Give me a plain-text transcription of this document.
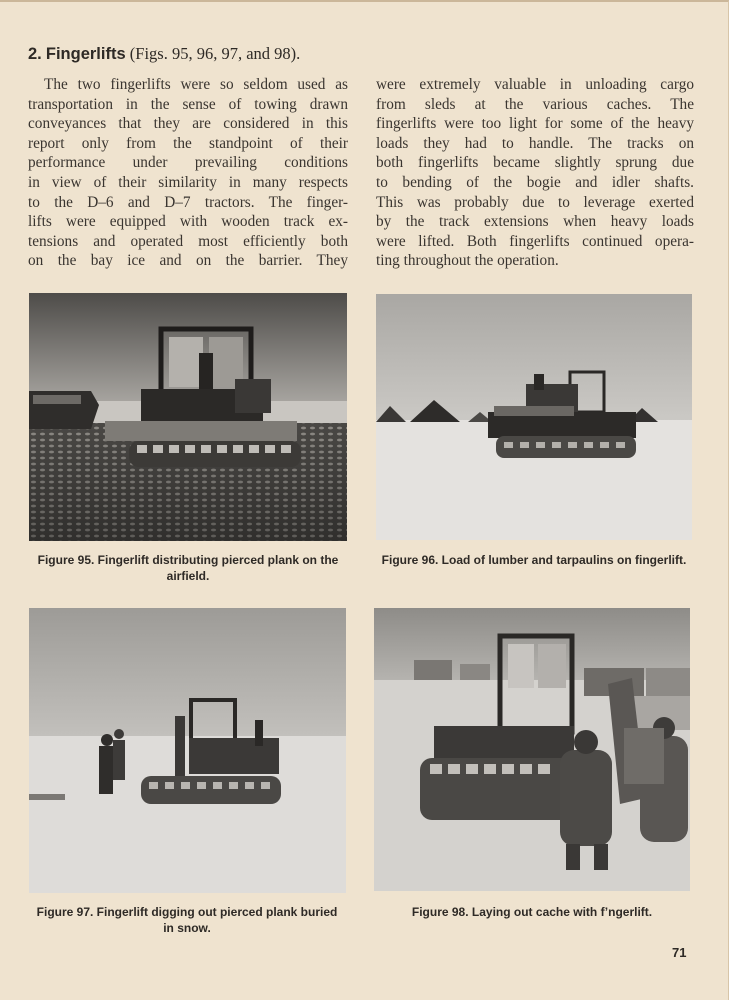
2. Fingerlifts (Figs. 95, 96, 97, and 98).
The two fingerlifts were so seldom used as
transportation in the sense of towing drawn
conveyances that they are considered in this
report only from the standpoint of their
performance under prevailing conditions
in view of their similarity in many respects
to the D–6 and D–7 tractors. The finger-
lifts were equipped with wooden track ex-
tensions and operated most efficiently both
on the bay ice and on the barrier. They
were extremely valuable in unloading cargo
from sleds at the various caches. The
fingerlifts were too light for some of the heavy
loads they had to handle. The tracks on
both fingerlifts became slightly sprung due
to bending of the bogie and idler shafts.
This was probably due to leverage exerted
by the track extensions when heavy loads
were lifted. Both fingerlifts continued opera-
ting throughout the operation.
Figure 95. Fingerlift distributing pierced plank on the
airfield.
Figure 96. Load of lumber and tarpaulins on fingerlift.
Figure 97. Fingerlift digging out pierced plank buried
in snow.
Figure 98. Laying out cache with f’ngerlift.
71
